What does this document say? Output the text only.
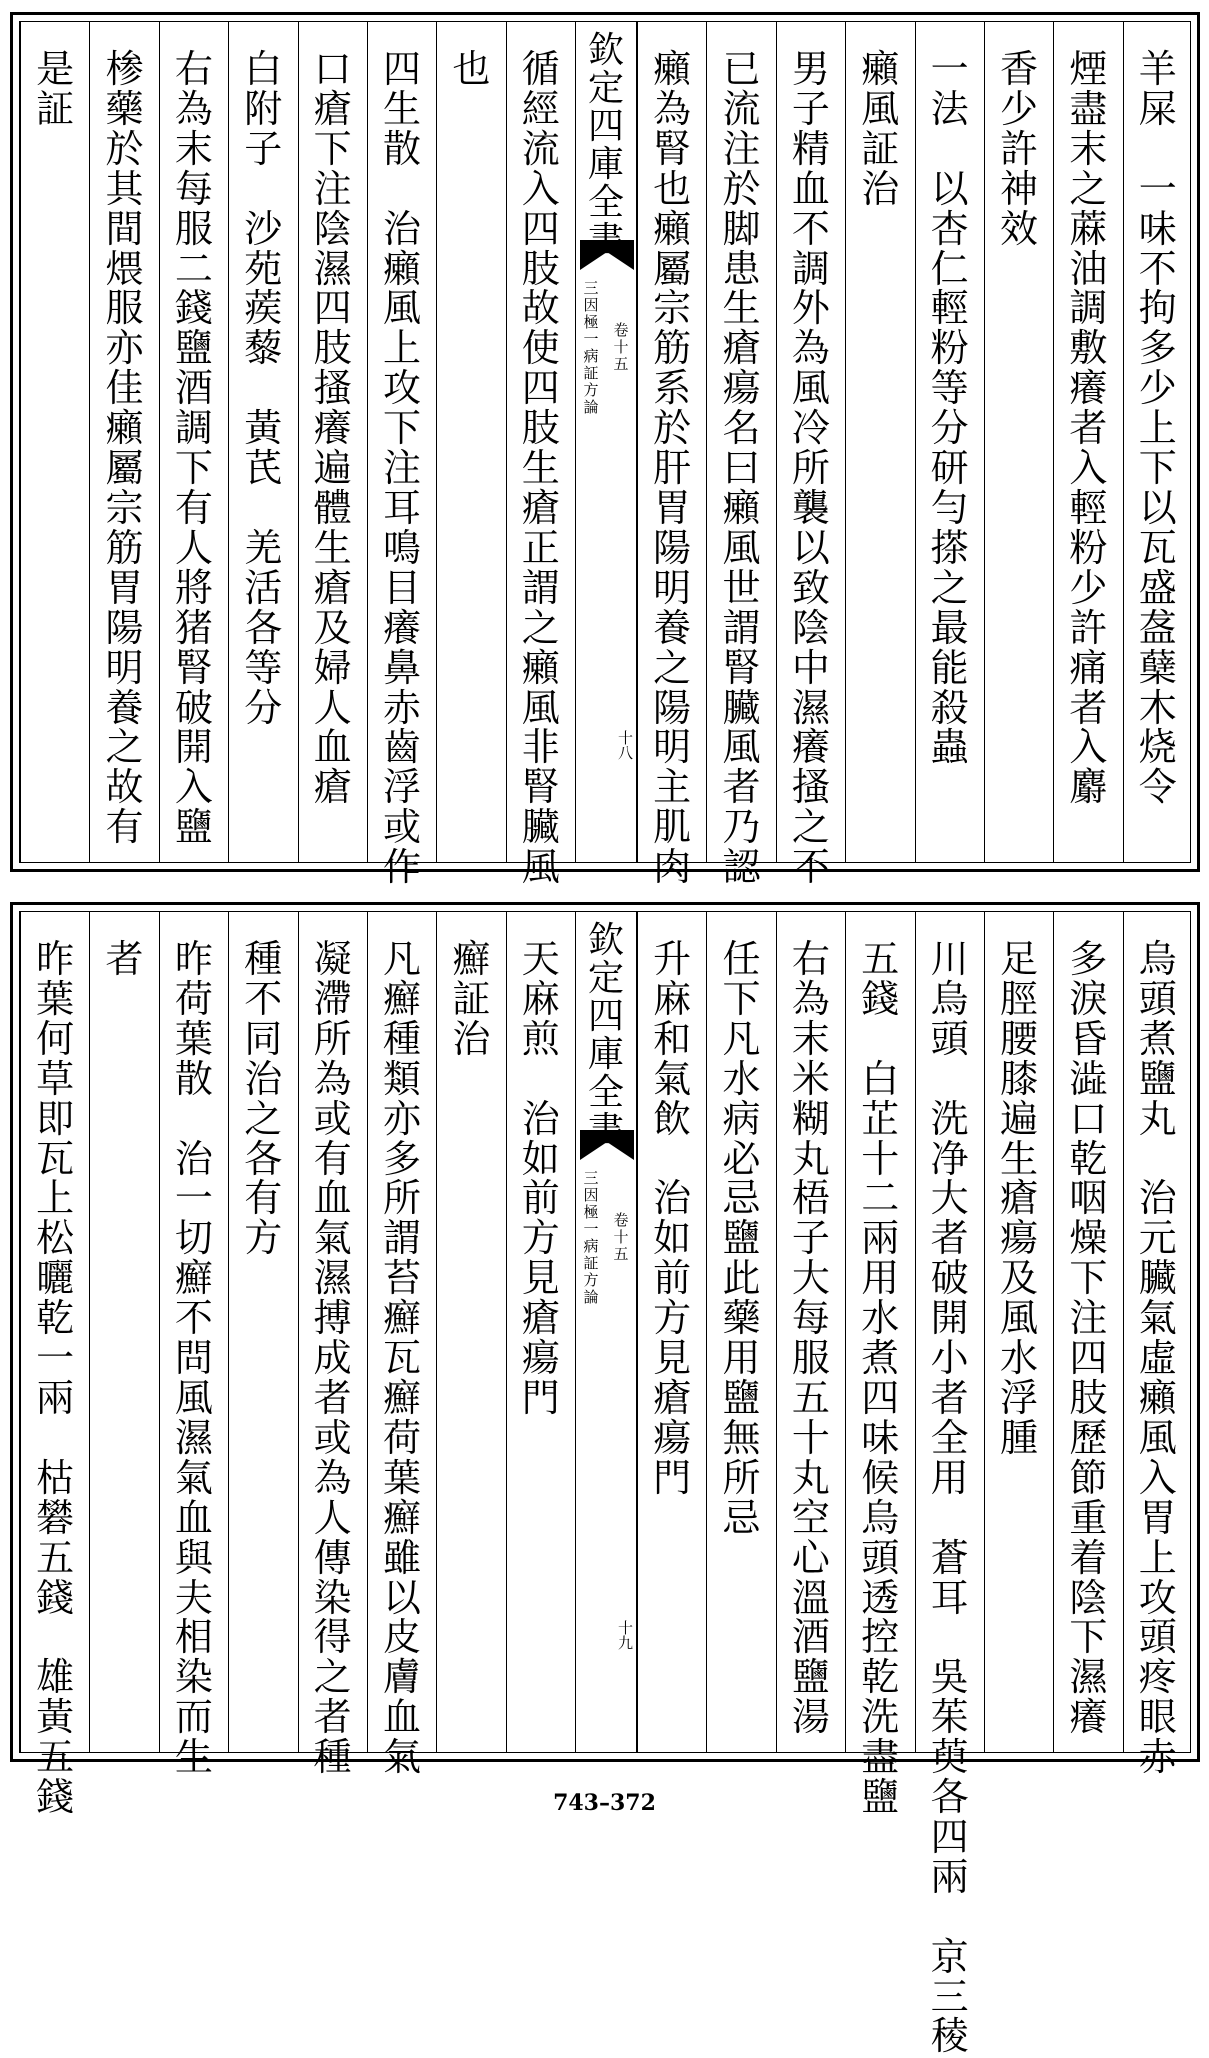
羊
屎

一
味
不
拘
多
少
上
下
以
瓦
盛
盋
蘖
木
烧
令
煙
盡
末
之
蔴
油
調
敷
癢
者
入
輕
粉
少
許
痛
者
入
麝
香
少
許
神
效
一
法

以
杏
仁
輕
粉
等
分
研
勻
搽
之
最
能
殺
蟲
癩
風
証
治
男
子
精
血
不
調
外
為
風
冷
所
襲
以
致
陰
中
濕
癢
搔
之
不
已
流
注
於
脚
患
生
瘡
瘍
名
曰
癩
風
世
謂
腎
臟
風
者
乃
認
癩
為
腎
也
癩
屬
宗
筋
系
於
肝
胃
陽
明
養
之
陽
明
主
肌
肉
欽
定
四
庫
全
三
因
極
一
病
証
方
論
卷
十
五
十八
循
經
流
入
四
肢
故
使
四
肢
生
瘡
正
謂
之
癩
風
非
腎
臟
風
也
四
生
散

治
癩
風
上
攻
下
注
耳
鳴
目
癢
鼻
赤
齒
浮
或
作
口
瘡
下
注
陰
濕
四
肢
搔
癢
遍
體
生
瘡
及
婦
人
血
瘡
白
附
子

沙
苑
蒺
藜

黃
芪

羌
活
各
等
分
右
為
末
每
服
二
錢
鹽
酒
調
下
有
人
將
猪
腎
破
開
入
鹽
椮
藥
於
其
間
煨
服
亦
佳
癩
屬
宗
筋
胃
陽
明
養
之
故
有
是
証
烏
頭
煮
鹽
丸

治
元
臟
氣
虛
癩
風
入
胃
上
攻
頭
疼
眼
赤
多
淚
昏
澁
口
乾
咽
燥
下
注
四
肢
歷
節
重
着
陰
下
濕
癢
足
脛
腰
膝
遍
生
瘡
瘍
及
風
水
浮
腫
川
烏
頭

洗
净
大
者
破
開
小
者
全
用

蒼
耳

吳
茱
萸
各
四
兩

京
三
稜
五
錢

白
芷
十
二
兩
用
水
煮
四
味
候
烏
頭
透
控
乾
洗
盡
鹽
右
為
末
米
糊
丸
梧
子
大
每
服
五
十
丸
空
心
溫
酒
鹽
湯
任
下
凡
水
病
必
忌
鹽
此
藥
用
鹽
無
所
忌
升
麻
和
氣
飲

治
如
前
方
見
瘡
瘍
門
欽
定
四
庫
全
三
因
極
一
病
証
方
論
卷
十
五
十九
天
麻
煎

治
如
前
方
見
瘡
瘍
門
癬
証
治
凡
癬
種
類
亦
多
所
謂
苔
癬
瓦
癬
荷
葉
癬
雖
以
皮
膚
血
氣
凝
滯
所
為
或
有
血
氣
濕
搏
成
者
或
為
人
傳
染
得
之
者
種
種
不
同
治
之
各
有
方
昨
荷
葉
散

治
一
切
癬
不
問
風
濕
氣
血
與
夫
相
染
而
生
者
昨
葉
何
草
即
瓦
上
松
曬
乾
一
兩

枯
礬
五
錢

雄
黃
五
錢	743–372
